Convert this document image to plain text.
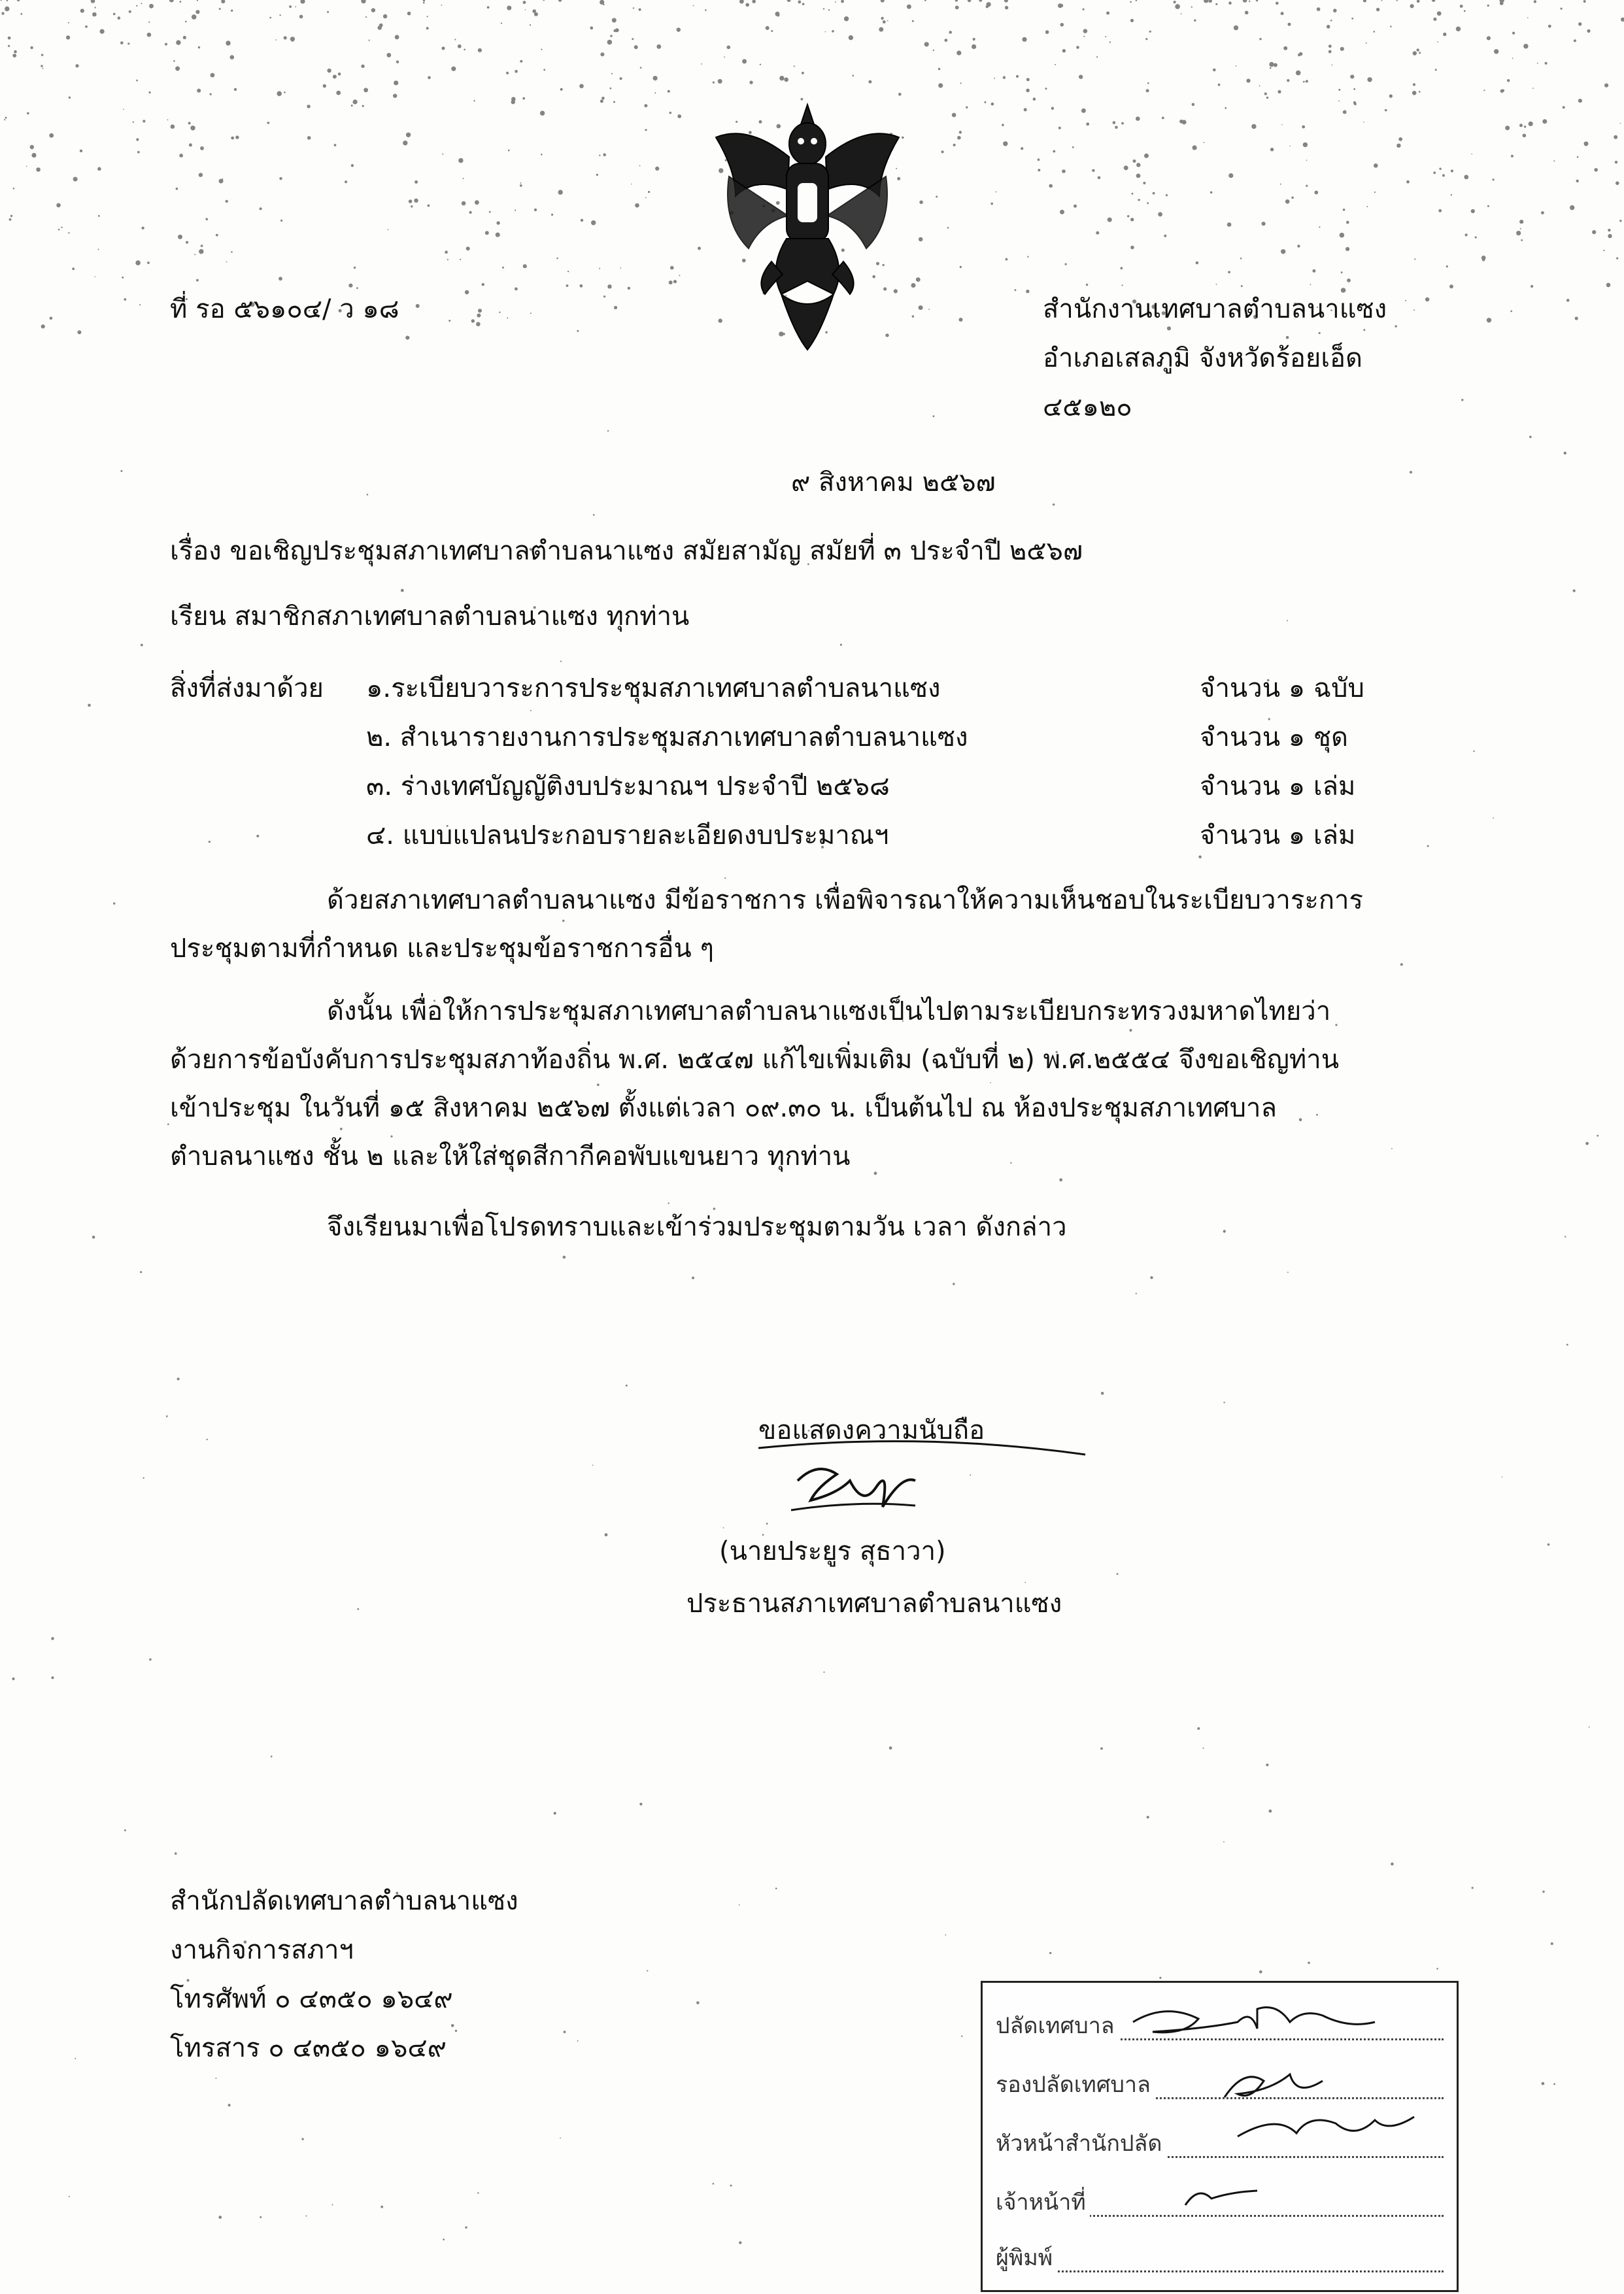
ที่ รอ ๕๖๑๐๔/ ว ๑๘	สำนักงานเทศบาลตำบลนาแซง
อำเภอเสลภูมิ จังหวัดร้อยเอ็ด
๔๕๑๒๐
๙ สิงหาคม ๒๕๖๗
เรื่อง ขอเชิญประชุมสภาเทศบาลตำบลนาแซง สมัยสามัญ สมัยที่ ๓ ประจำปี ๒๕๖๗
เรียน สมาชิกสภาเทศบาลตำบลนาแซง ทุกท่าน
สิ่งที่ส่งมาด้วย ๑.ระเบียบวาระการประชุมสภาเทศบาลตำบลนาแซง	จำนวน ๑ ฉบับ
๒. สำเนารายงานการประชุมสภาเทศบาลตำบลนาแซง	จำนวน ๑ ชุด
๓. ร่างเทศบัญญัติงบประมาณฯ ประจำปี ๒๕๖๘	จำนวน ๑ เล่ม
๔. แบบแปลนประกอบรายละเอียดงบประมาณฯ	จำนวน ๑ เล่ม
ด้วยสภาเทศบาลตำบลนาแซง มีข้อราชการ เพื่อพิจารณาให้ความเห็นชอบในระเบียบวาระการ
ประชุมตามที่กำหนด และประชุมข้อราชการอื่น ๆ
ดังนั้น เพื่อให้การประชุมสภาเทศบาลตำบลนาแซงเป็นไปตามระเบียบกระทรวงมหาดไทยว่า
ด้วยการข้อบังคับการประชุมสภาท้องถิ่น พ.ศ. ๒๕๔๗ แก้ไขเพิ่มเติม (ฉบับที่ ๒) พ.ศ.๒๕๕๔ จึงขอเชิญท่าน
เข้าประชุม ในวันที่ ๑๕ สิงหาคม ๒๕๖๗ ตั้งแต่เวลา ๐๙.๓๐ น. เป็นต้นไป ณ ห้องประชุมสภาเทศบาล
ตำบลนาแซง ชั้น ๒ และให้ใส่ชุดสีกากีคอพับแขนยาว ทุกท่าน
จึงเรียนมาเพื่อโปรดทราบและเข้าร่วมประชุมตามวัน เวลา ดังกล่าว
ขอแสดงความนับถือ
(นายประยูร สุธาวา)
ประธานสภาเทศบาลตำบลนาแซง
สำนักปลัดเทศบาลตำบลนาแซง
งานกิจการสภาฯ
โทรศัพท์ ๐ ๔๓๕๐ ๑๖๔๙
โทรสาร ๐ ๔๓๕๐ ๑๖๔๙
ปลัดเทศบาล
รองปลัดเทศบาล
หัวหน้าสำนักปลัด
เจ้าหน้าที่
ผู้พิมพ์
